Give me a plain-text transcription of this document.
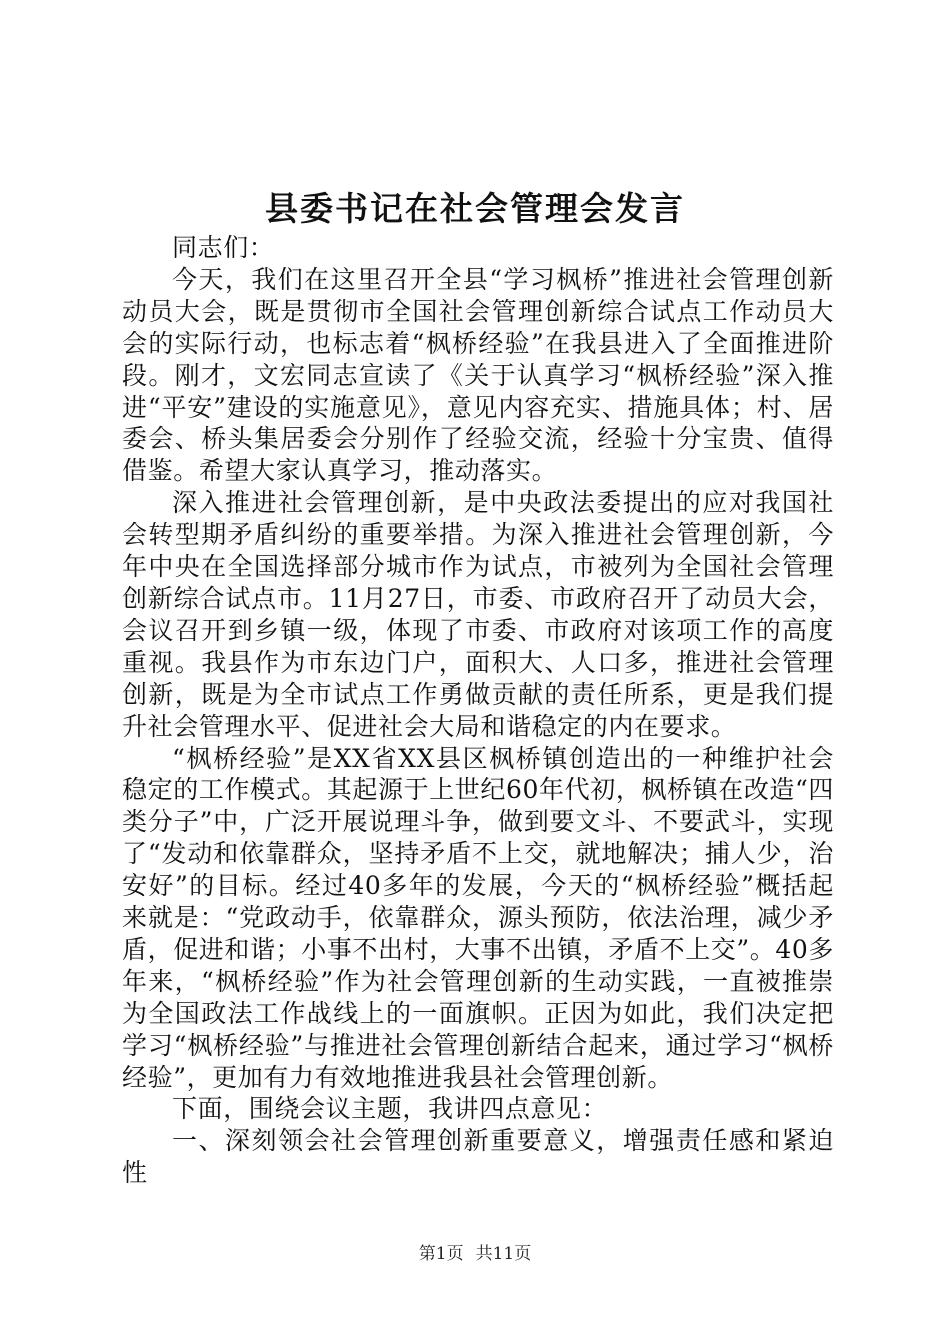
县委书记在社会管理会发言

同志们：

今天，我们在这里召开全县“学习枫桥”推进社会管理创新动员大会，既是贯彻市全国社会管理创新综合试点工作动员大会的实际行动，也标志着“枫桥经验”在我县进入了全面推进阶段。刚才，文宏同志宣读了《关于认真学习“枫桥经验”深入推进“平安”建设的实施意见》，意见内容充实、措施具体；村、居委会、桥头集居委会分别作了经验交流，经验十分宝贵、值得借鉴。希望大家认真学习，推动落实。

深入推进社会管理创新，是中央政法委提出的应对我国社会转型期矛盾纠纷的重要举措。为深入推进社会管理创新，今年中央在全国选择部分城市作为试点，市被列为全国社会管理创新综合试点市。11月27日，市委、市政府召开了动员大会，会议召开到乡镇一级，体现了市委、市政府对该项工作的高度重视。我县作为市东边门户，面积大、人口多，推进社会管理创新，既是为全市试点工作勇做贡献的责任所系，更是我们提升社会管理水平、促进社会大局和谐稳定的内在要求。

“枫桥经验”是XX省XX县区枫桥镇创造出的一种维护社会稳定的工作模式。其起源于上世纪60年代初，枫桥镇在改造“四类分子”中，广泛开展说理斗争，做到要文斗、不要武斗，实现了“发动和依靠群众，坚持矛盾不上交，就地解决；捕人少，治安好”的目标。经过40多年的发展，今天的“枫桥经验”概括起来就是：“党政动手，依靠群众，源头预防，依法治理，减少矛盾，促进和谐；小事不出村，大事不出镇，矛盾不上交”。40多年来，“枫桥经验”作为社会管理创新的生动实践，一直被推崇为全国政法工作战线上的一面旗帜。正因为如此，我们决定把学习“枫桥经验”与推进社会管理创新结合起来，通过学习“枫桥经验”，更加有力有效地推进我县社会管理创新。

下面，围绕会议主题，我讲四点意见：

一、深刻领会社会管理创新重要意义，增强责任感和紧迫性

第1页 共11页
